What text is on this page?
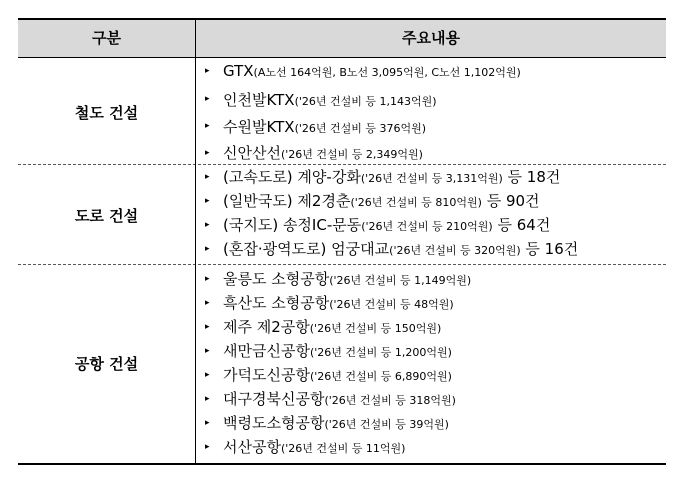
구분	주요내용
철도 건설
▸ GTX(A노선 164억원, B노선 3,095억원, C노선 1,102억원)
▸ 인천발KTX('26년 건설비 등 1,143억원)
▸ 수원발KTX('26년 건설비 등 376억원)
▸ 신안산선('26년 건설비 등 2,349억원)
도로 건설
▸ (고속도로) 계양-강화('26년 건설비 등 3,131억원) 등 18건
▸ (일반국도) 제2경춘('26년 건설비 등 810억원) 등 90건
▸ (국지도) 송정IC-문동('26년 건설비 등 210억원) 등 64건
▸ (혼잡·광역도로) 엄궁대교('26년 건설비 등 320억원) 등 16건
공항 건설
▸ 울릉도 소형공항('26년 건설비 등 1,149억원)
▸ 흑산도 소형공항('26년 건설비 등 48억원)
▸ 제주 제2공항('26년 건설비 등 150억원)
▸ 새만금신공항('26년 건설비 등 1,200억원)
▸ 가덕도신공항('26년 건설비 등 6,890억원)
▸ 대구경북신공항('26년 건설비 등 318억원)
▸ 백령도소형공항('26년 건설비 등 39억원)
▸ 서산공항('26년 건설비 등 11억원)
